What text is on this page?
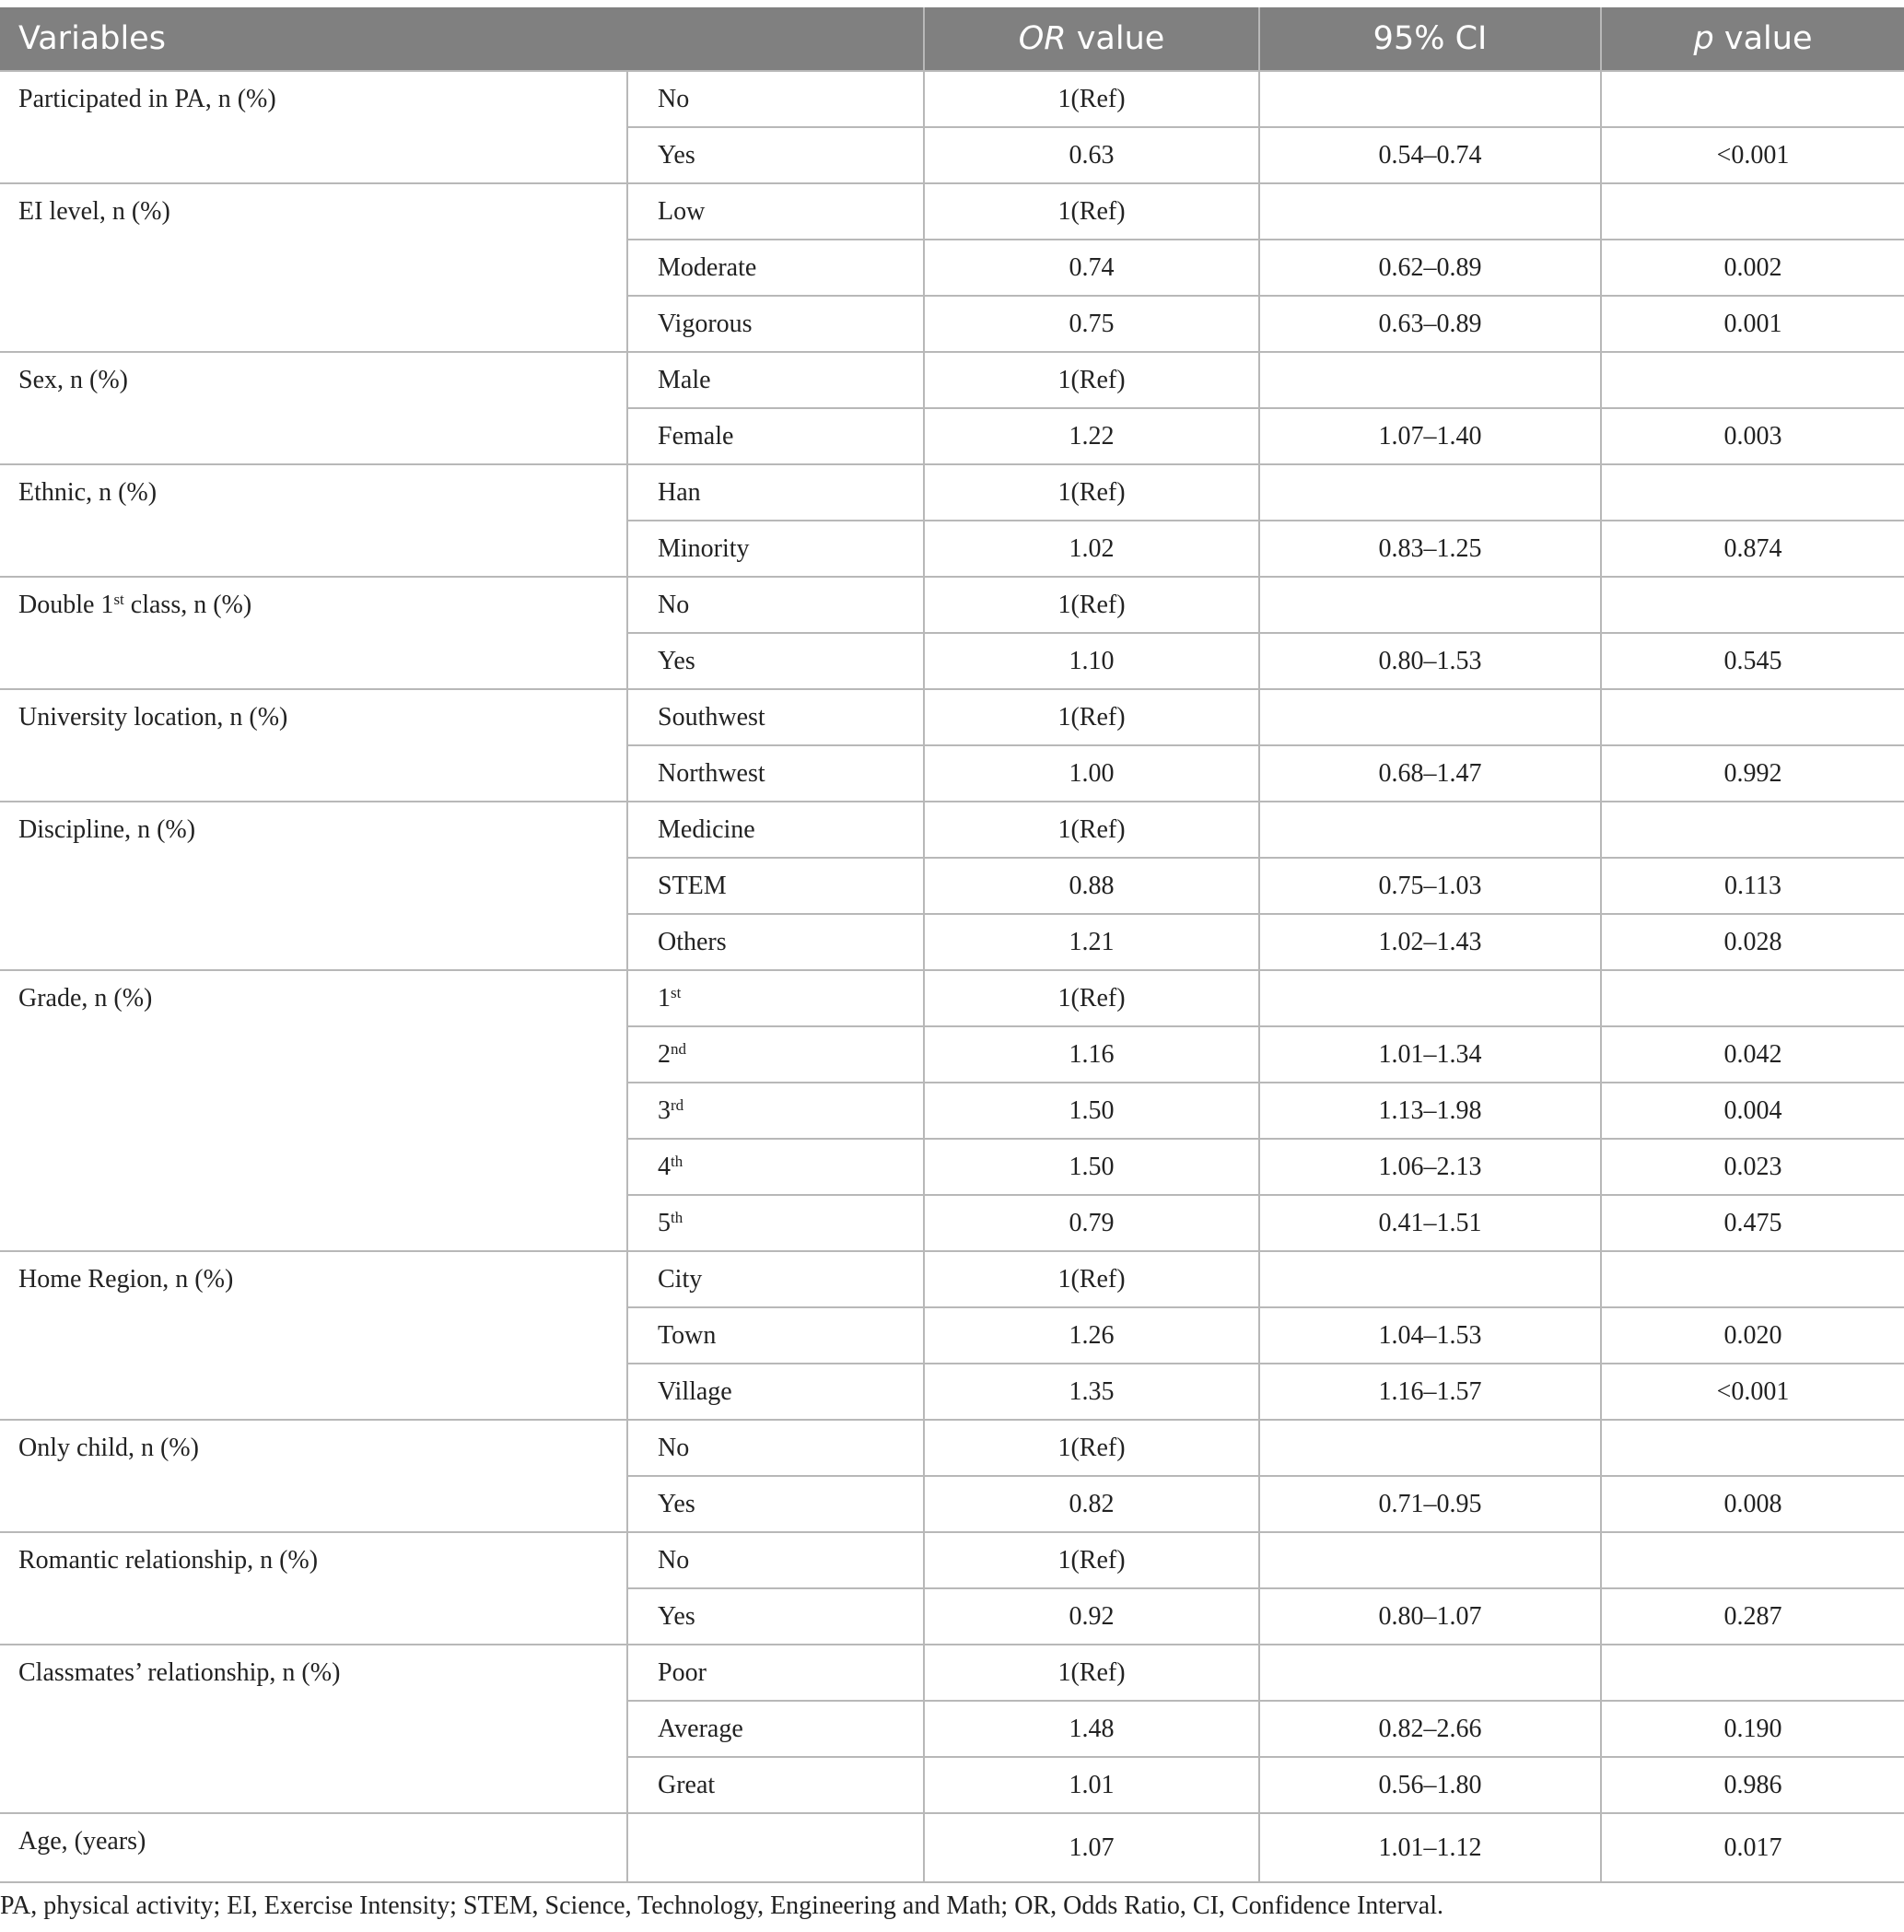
Variables		OR value	95% CI	p value
Participated in PA, n (%)	No	1(Ref)		
	Yes	0.63	0.54–0.74	<0.001
EI level, n (%)	Low	1(Ref)		
	Moderate	0.74	0.62–0.89	0.002
	Vigorous	0.75	0.63–0.89	0.001
Sex, n (%)	Male	1(Ref)		
	Female	1.22	1.07–1.40	0.003
Ethnic, n (%)	Han	1(Ref)		
	Minority	1.02	0.83–1.25	0.874
Double 1st class, n (%)	No	1(Ref)		
	Yes	1.10	0.80–1.53	0.545
University location, n (%)	Southwest	1(Ref)		
	Northwest	1.00	0.68–1.47	0.992
Discipline, n (%)	Medicine	1(Ref)		
	STEM	0.88	0.75–1.03	0.113
	Others	1.21	1.02–1.43	0.028
Grade, n (%)	1st	1(Ref)		
	2nd	1.16	1.01–1.34	0.042
	3rd	1.50	1.13–1.98	0.004
	4th	1.50	1.06–2.13	0.023
	5th	0.79	0.41–1.51	0.475
Home Region, n (%)	City	1(Ref)		
	Town	1.26	1.04–1.53	0.020
	Village	1.35	1.16–1.57	<0.001
Only child, n (%)	No	1(Ref)		
	Yes	0.82	0.71–0.95	0.008
Romantic relationship, n (%)	No	1(Ref)		
	Yes	0.92	0.80–1.07	0.287
Classmates’ relationship, n (%)	Poor	1(Ref)		
	Average	1.48	0.82–2.66	0.190
	Great	1.01	0.56–1.80	0.986
Age, (years)		1.07	1.01–1.12	0.017
PA, physical activity; EI, Exercise Intensity; STEM, Science, Technology, Engineering and Math; OR, Odds Ratio, CI, Confidence Interval.
